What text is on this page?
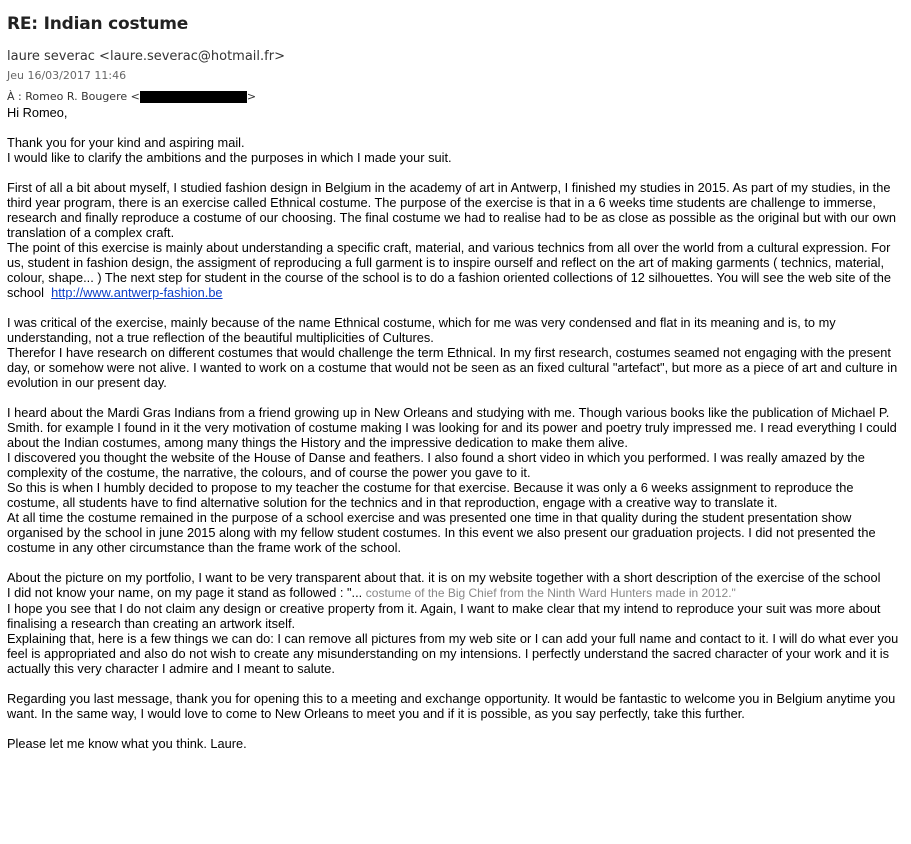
RE: Indian costume
laure severac <laure.severac@hotmail.fr>
Jeu 16/03/2017 11:46
À :
Romeo R. Bougere <	>

Hi Romeo,

Thank you for your kind and aspiring mail.

I would like to clarify the ambitions and the purposes in which I made your suit.

First of all a bit about myself, I studied fashion design in Belgium in the academy of art in Antwerp, I finished my studies in 2015. As part of my studies, in the third year program, there is an exercise called Ethnical costume. The purpose of the exercise is that in a 6 weeks time students are challenge to immerse, research and finally reproduce a costume of our choosing. The final costume we had to realise had to be as close as possible as the original but with our own translation of a complex craft.

The point of this exercise is mainly about understanding a specific craft, material, and various technics from all over the world from a cultural expression. For us, student in fashion design, the assigment of reproducing a full garment is to inspire ourself and reflect on the art of making garments ( technics, material, colour, shape... ) The next step for student in the course of the school is to do a fashion oriented collections of 12 silhouettes. You will see the web site of the school http://www.antwerp-fashion.be

I was critical of the exercise, mainly because of the name Ethnical costume, which for me was very condensed and flat in its meaning and is, to my understanding, not a true reflection of the beautiful multiplicities of Cultures.

Therefor I have research on different costumes that would challenge the term Ethnical. In my first research, costumes seamed not engaging with the present day, or somehow were not alive. I wanted to work on a costume that would not be seen as an fixed cultural "artefact", but more as a piece of art and culture in evolution in our present day.

I heard about the Mardi Gras Indians from a friend growing up in New Orleans and studying with me. Though various books like the publication of Michael P. Smith. for example I found in it the very motivation of costume making I was looking for and its power and poetry truly impressed me. I read everything I could about the Indian costumes, among many things the History and the impressive dedication to make them alive.

I discovered you thought the website of the House of Danse and feathers. I also found a short video in which you performed. I was really amazed by the complexity of the costume, the narrative, the colours, and of course the power you gave to it.

So this is when I humbly decided to propose to my teacher the costume for that exercise. Because it was only a 6 weeks assignment to reproduce the costume, all students have to find alternative solution for the technics and in that reproduction, engage with a creative way to translate it.

At all time the costume remained in the purpose of a school exercise and was presented one time in that quality during the student presentation show organised by the school in june 2015 along with my fellow student costumes. In this event we also present our graduation projects. I did not presented the costume in any other circumstance than the frame work of the school.

About the picture on my portfolio, I want to be very transparent about that. it is on my website together with a short description of the exercise of the school

I did not know your name, on my page it stand as followed : "... costume of the Big Chief from the Ninth Ward Hunters made in 2012."

I hope you see that I do not claim any design or creative property from it. Again, I want to make clear that my intend to reproduce your suit was more about finalising a research than creating an artwork itself.

Explaining that, here is a few things we can do: I can remove all pictures from my web site or I can add your full name and contact to it. I will do what ever you feel is appropriated and also do not wish to create any misunderstanding on my intensions. I perfectly understand the sacred character of your work and it is actually this very character I admire and I meant to salute.

Regarding you last message, thank you for opening this to a meeting and exchange opportunity. It would be fantastic to welcome you in Belgium anytime you want. In the same way, I would love to come to New Orleans to meet you and if it is possible, as you say perfectly, take this further.

Please let me know what you think. Laure.
